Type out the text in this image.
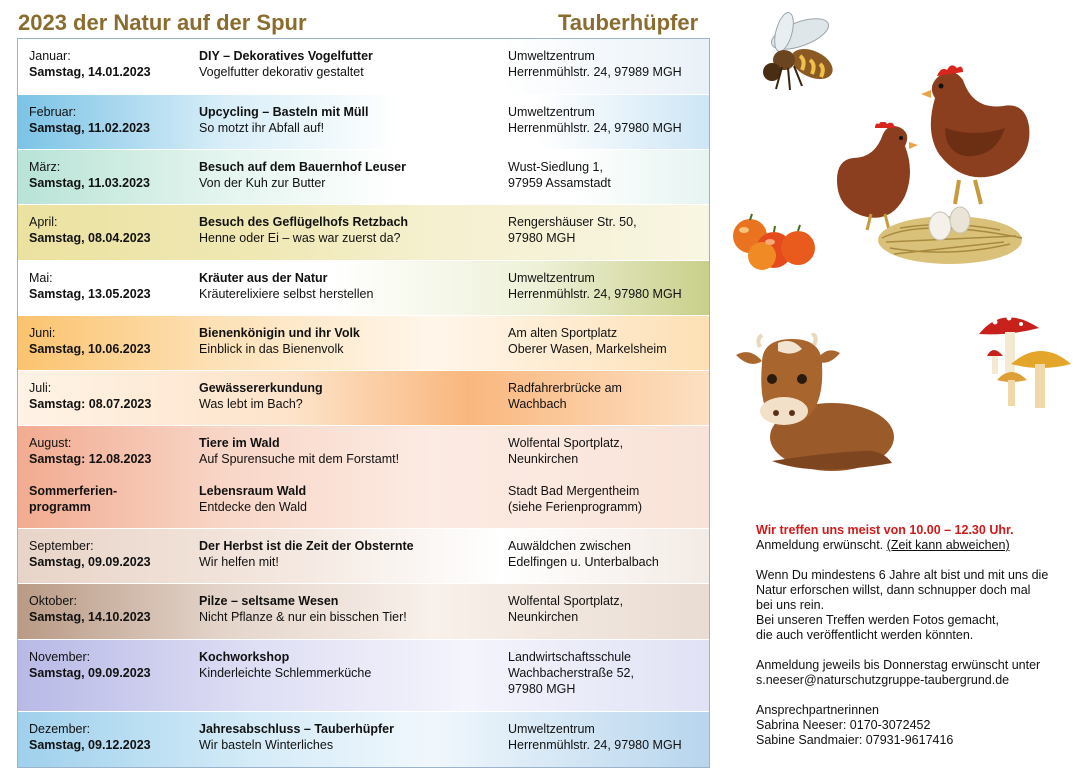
2023 der Natur auf der Spur	Tauberhüpfer
Januar:
Samstag, 14.01.2023
DIY – Dekoratives Vogelfutter
Vogelfutter dekorativ gestaltet
Umweltzentrum
Herrenmühlstr. 24, 97989 MGH
Februar:
Samstag, 11.02.2023
Upcycling – Basteln mit Müll
So motzt ihr Abfall auf!
Umweltzentrum
Herrenmühlstr. 24, 97980 MGH
März:
Samstag, 11.03.2023
Besuch auf dem Bauernhof Leuser
Von der Kuh zur Butter
Wust-Siedlung 1,
97959 Assamstadt
April:
Samstag, 08.04.2023
Besuch des Geflügelhofs Retzbach
Henne oder Ei – was war zuerst da?
Rengershäuser Str. 50,
97980 MGH
Mai:
Samstag, 13.05.2023
Kräuter aus der Natur
Kräuterelixiere selbst herstellen
Umweltzentrum
Herrenmühlstr. 24, 97980 MGH
Juni:
Samstag, 10.06.2023
Bienenkönigin und ihr Volk
Einblick in das Bienenvolk
Am alten Sportplatz
Oberer Wasen, Markelsheim
Juli:
Samstag: 08.07.2023
Gewässererkundung
Was lebt im Bach?
Radfahrerbrücke am
Wachbach
August:
Samstag: 12.08.2023
Tiere im Wald
Auf Spurensuche mit dem Forstamt!
Wolfental Sportplatz,
Neunkirchen
Sommerferien-
programm
Lebensraum Wald
Entdecke den Wald
Stadt Bad Mergentheim
(siehe Ferienprogramm)
September:
Samstag, 09.09.2023
Der Herbst ist die Zeit der Obsternte
Wir helfen mit!
Auwäldchen zwischen
Edelfingen u. Unterbalbach
Oktober:
Samstag, 14.10.2023
Pilze – seltsame Wesen
Nicht Pflanze & nur ein bisschen Tier!
Wolfental Sportplatz,
Neunkirchen
November:
Samstag, 09.09.2023
Kochworkshop
Kinderleichte Schlemmerküche
Landwirtschaftsschule
Wachbacherstraße 52,
97980 MGH
Dezember:
Samstag, 09.12.2023
Jahresabschluss – Tauberhüpfer
Wir basteln Winterliches
Umweltzentrum
Herrenmühlstr. 24, 97980 MGH
Wir treffen uns meist von 10.00 – 12.30 Uhr.
Anmeldung erwünscht. (Zeit kann abweichen)
Wenn Du mindestens 6 Jahre alt bist und mit uns die
Natur erforschen willst, dann schnupper doch mal
bei uns rein.
Bei unseren Treffen werden Fotos gemacht,
die auch veröffentlicht werden könnten.
Anmeldung jeweils bis Donnerstag erwünscht unter
s.neeser@naturschutzgruppe-taubergrund.de
Ansprechpartnerinnen
Sabrina Neeser: 0170-3072452
Sabine Sandmaier: 07931-9617416
